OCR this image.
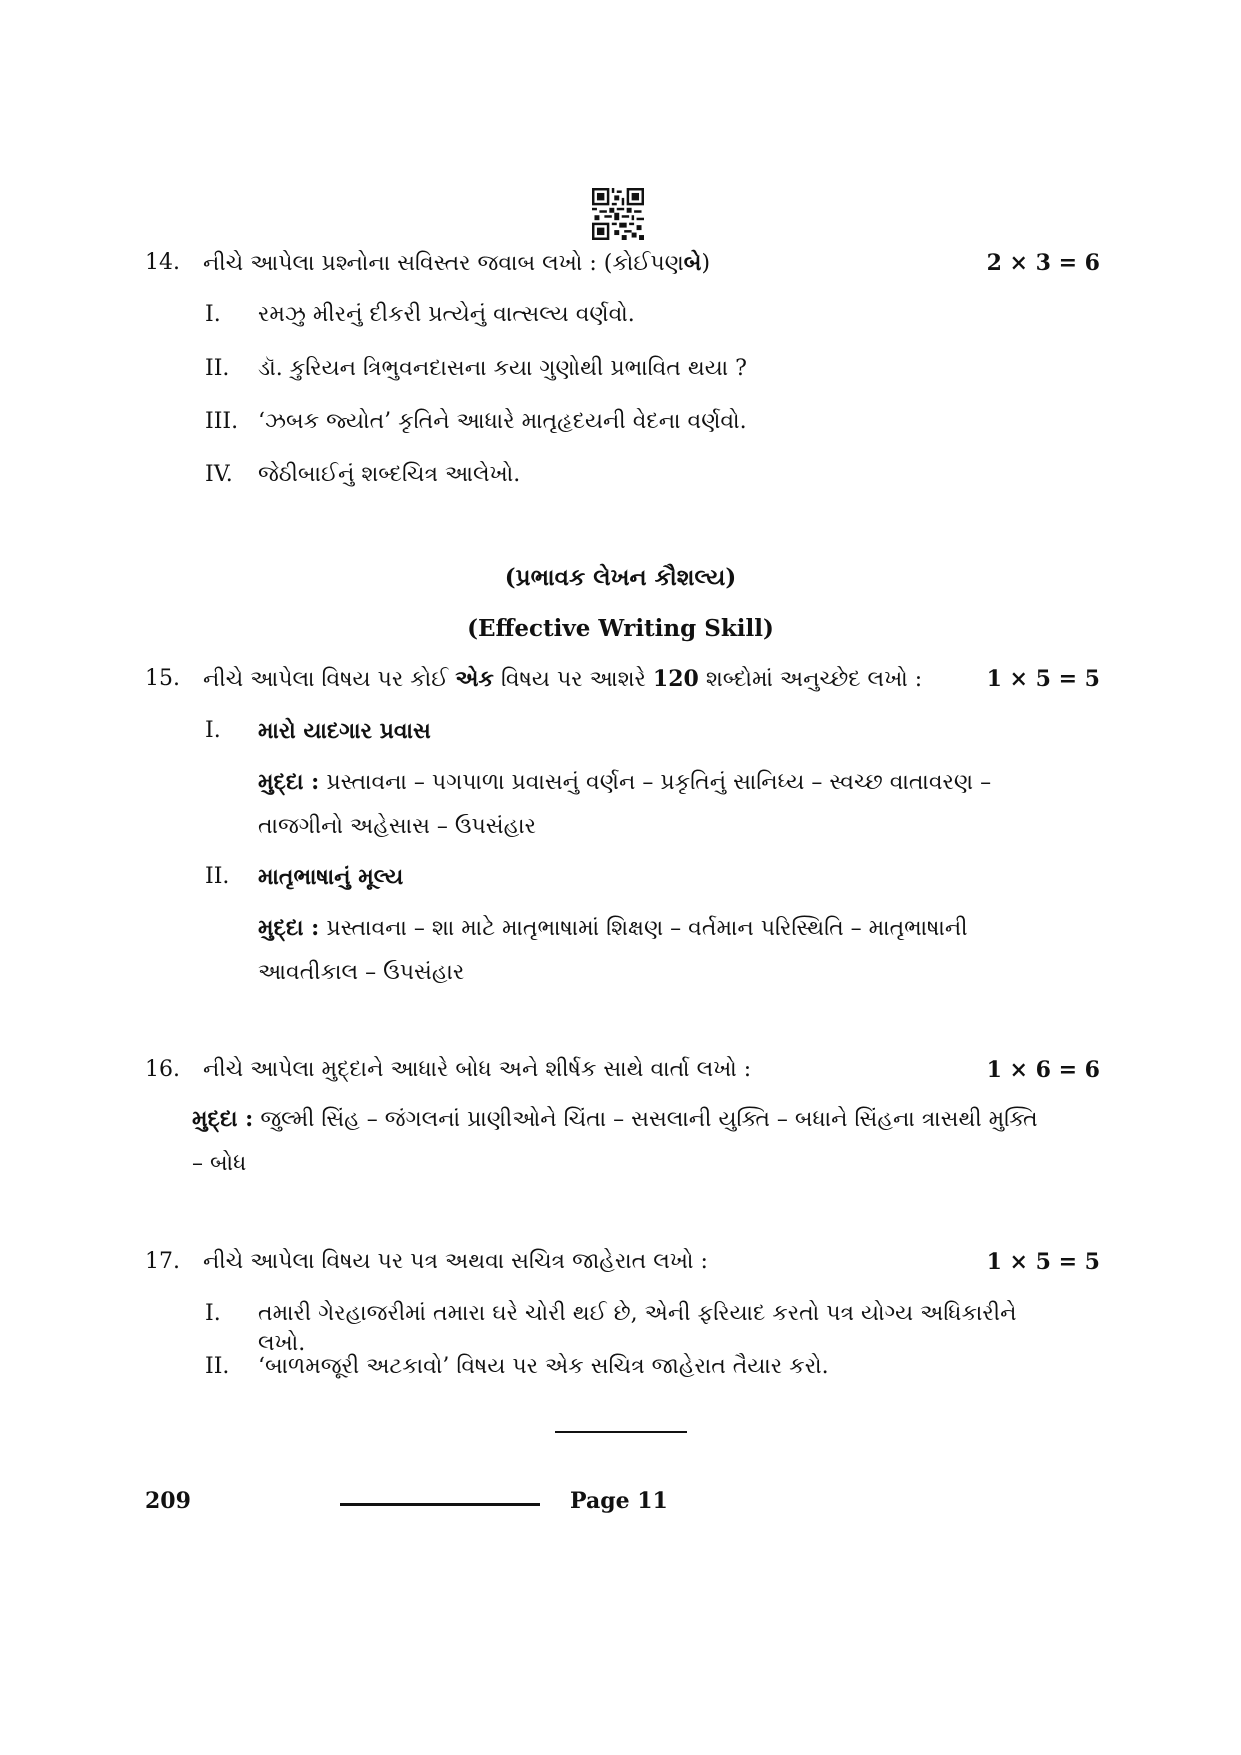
14.	નીચે આપેલા પ્રશ્નોના સવિસ્તર જવાબ લખો : (કોઈપણબે)	2 × 3 = 6
I.	રમઝુ મીરનું દીકરી પ્રત્યેનું વાત્સલ્ય વર્ણવો.
II.	ડૉ. કુરિયન ત્રિભુવનદાસના કયા ગુણોથી પ્રભાવિત થયા ?
III. ‘ઝબક જ્યોત’ કૃતિને આધારે માતૃહૃદયની વેદના વર્ણવો.
IV.	જેઠીબાઈનું શબ્દચિત્ર આલેખો.
(પ્રભાવક લેખન કૌશલ્ય)
(Effective Writing Skill)
15.	નીચે આપેલા વિષય પર કોઈ એક વિષય પર આશરે 120 શબ્દોમાં અનુચ્છેદ લખો :	1 × 5 = 5
I.	મારો યાદગાર પ્રવાસ
મુદ્દા : પ્રસ્તાવના – પગપાળા પ્રવાસનું વર્ણન – પ્રકૃતિનું સાનિધ્ય – સ્વચ્છ વાતાવરણ – તાજગીનો અહેસાસ – ઉપસંહાર
II.	માતૃભાષાનું મૂલ્ય
મુદ્દા : પ્રસ્તાવના – શા માટે માતૃભાષામાં શિક્ષણ – વર્તમાન પરિસ્થિતિ – માતૃભાષાની આવતીકાલ – ઉપસંહાર
16.	નીચે આપેલા મુદ્દાને આધારે બોધ અને શીર્ષક સાથે વાર્તા લખો :	1 × 6 = 6
મુદ્દા : જુલ્મી સિંહ – જંગલનાં પ્રાણીઓને ચિંતા – સસલાની યુક્તિ – બધાને સિંહના ત્રાસથી મુક્તિ – બોધ
17.	નીચે આપેલા વિષય પર પત્ર અથવા સચિત્ર જાહેરાત લખો :	1 × 5 = 5
I.	તમારી ગેરહાજરીમાં તમારા ઘરે ચોરી થઈ છે, એની ફરિયાદ કરતો પત્ર યોગ્ય અધિકારીને લખો.
II.	‘બાળમજૂરી અટકાવો’ વિષય પર એક સચિત્ર જાહેરાત તૈયાર કરો.
209	Page 11
